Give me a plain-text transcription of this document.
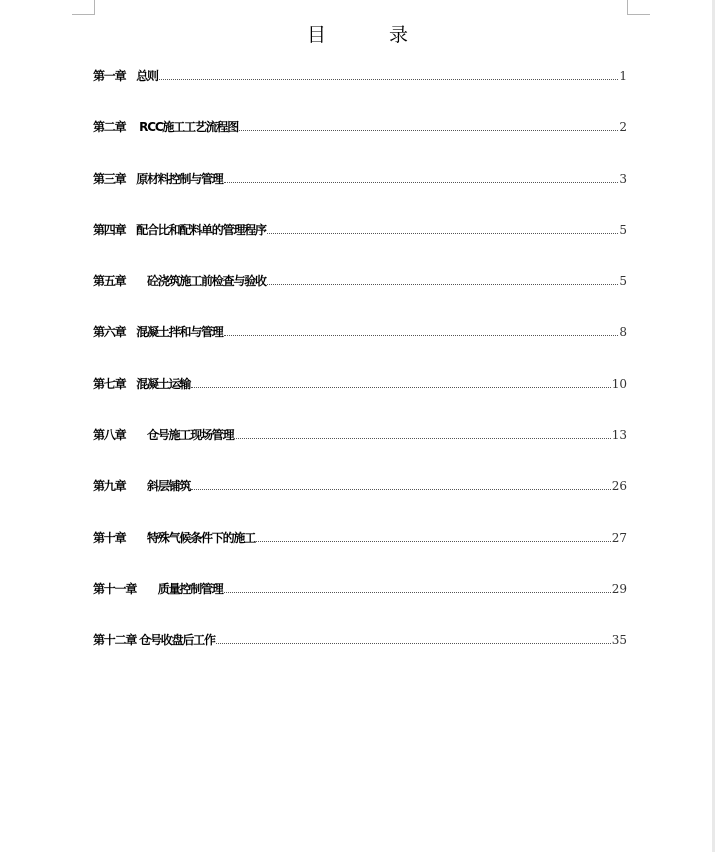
目　录
第一章　总则	1
第二章　 RCC施工工艺流程图	2
第三章　原材料控制与管理	3
第四章　配合比和配料单的管理程序	5
第五章　　砼浇筑施工前检查与验收	5
第六章　混凝土拌和与管理	8
第七章　混凝土运输	10
第八章　　仓号施工现场管理	13
第九章　　斜层铺筑	26
第十章　　特殊气候条件下的施工	27
第十一章　　质量控制管理	29
第十二章 仓号收盘后工作	35
